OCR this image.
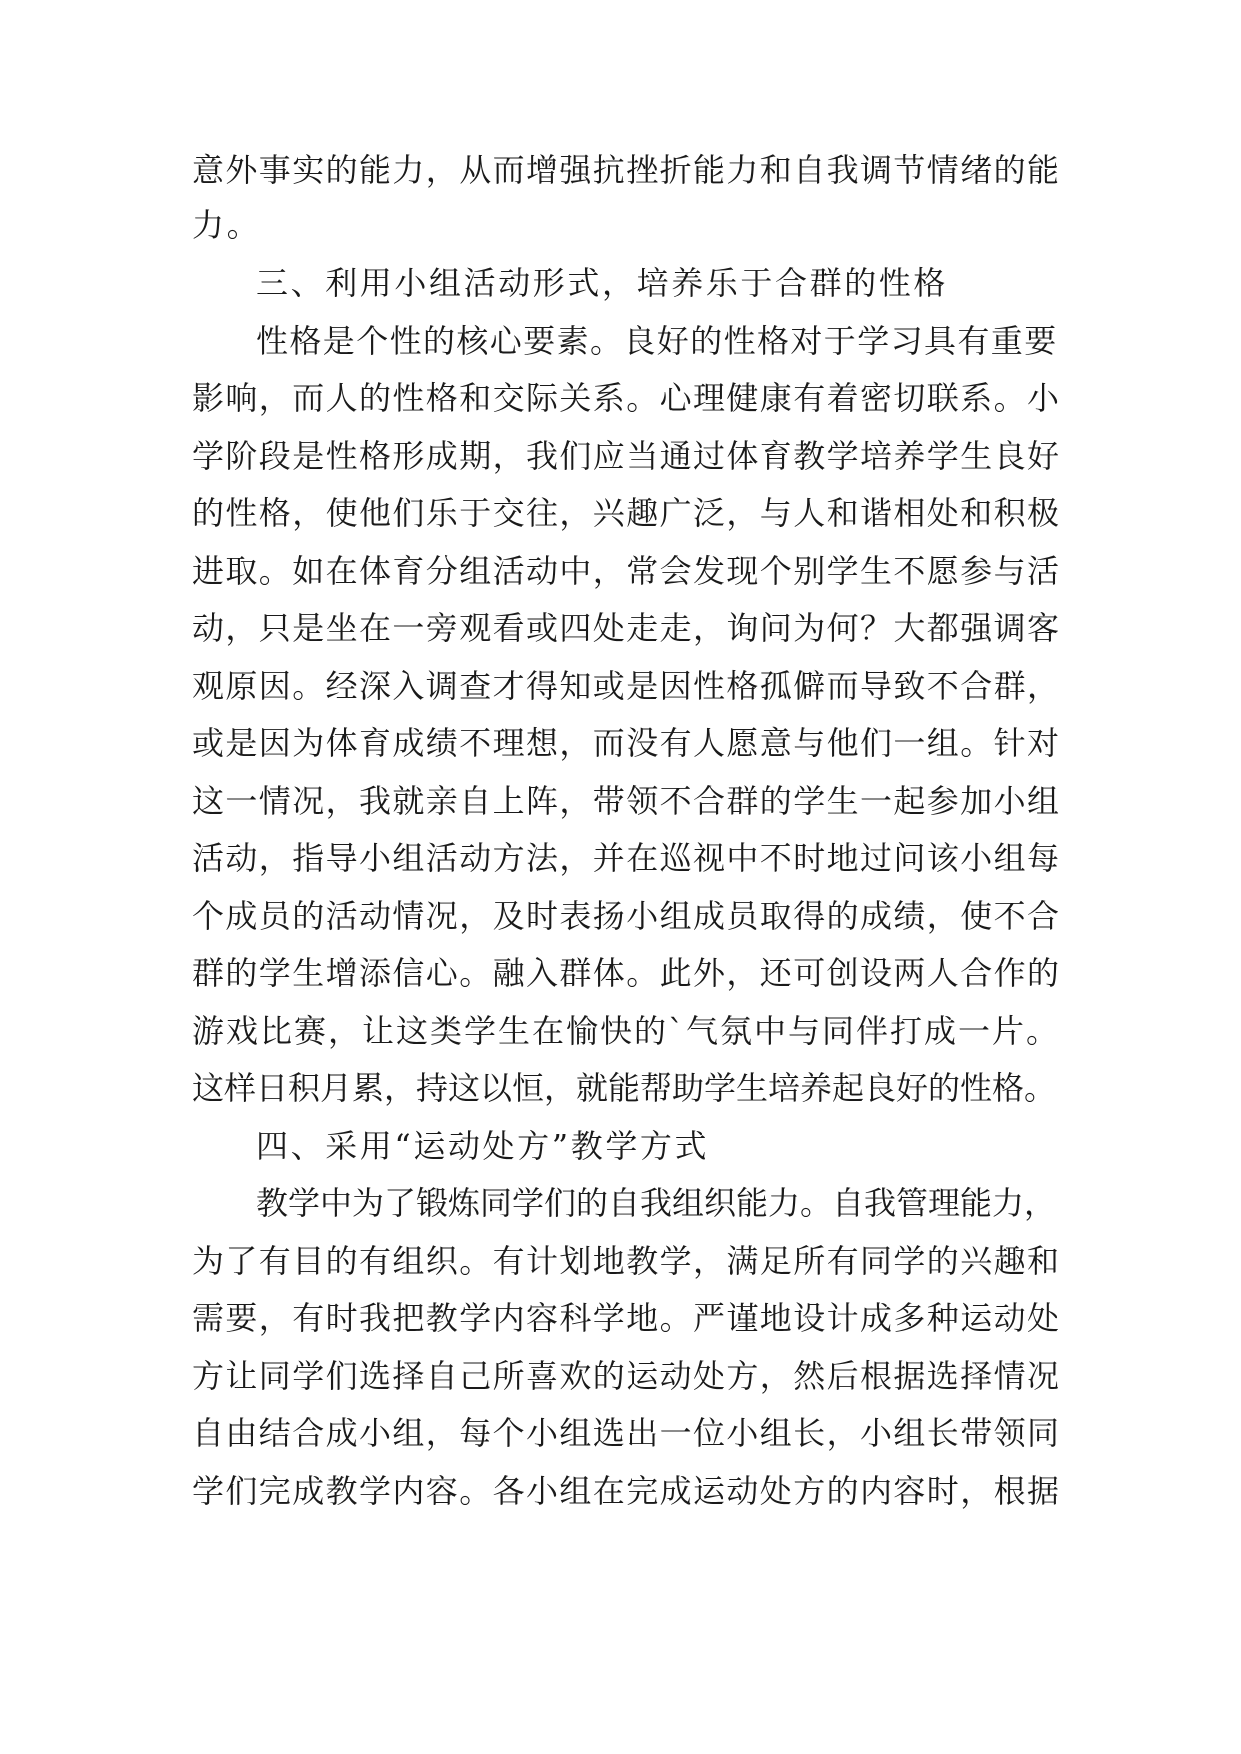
意外事实的能力，从而增强抗挫折能力和自我调节情绪的能
力。
三、利用小组活动形式，培养乐于合群的性格
性格是个性的核心要素。良好的性格对于学习具有重要
影响，而人的性格和交际关系。心理健康有着密切联系。小
学阶段是性格形成期，我们应当通过体育教学培养学生良好
的性格，使他们乐于交往，兴趣广泛，与人和谐相处和积极
进取。如在体育分组活动中，常会发现个别学生不愿参与活
动，只是坐在一旁观看或四处走走，询问为何？大都强调客
观原因。经深入调查才得知或是因性格孤僻而导致不合群，
或是因为体育成绩不理想，而没有人愿意与他们一组。针对
这一情况，我就亲自上阵，带领不合群的学生一起参加小组
活动，指导小组活动方法，并在巡视中不时地过问该小组每
个成员的活动情况，及时表扬小组成员取得的成绩，使不合
群的学生增添信心。融入群体。此外，还可创设两人合作的
游戏比赛，让这类学生在愉快的`气氛中与同伴打成一片。
这样日积月累，持这以恒，就能帮助学生培养起良好的性格。
四、采用“运动处方”教学方式
教学中为了锻炼同学们的自我组织能力。自我管理能力，
为了有目的有组织。有计划地教学，满足所有同学的兴趣和
需要，有时我把教学内容科学地。严谨地设计成多种运动处
方让同学们选择自己所喜欢的运动处方，然后根据选择情况
自由结合成小组，每个小组选出一位小组长，小组长带领同
学们完成教学内容。各小组在完成运动处方的内容时，根据
